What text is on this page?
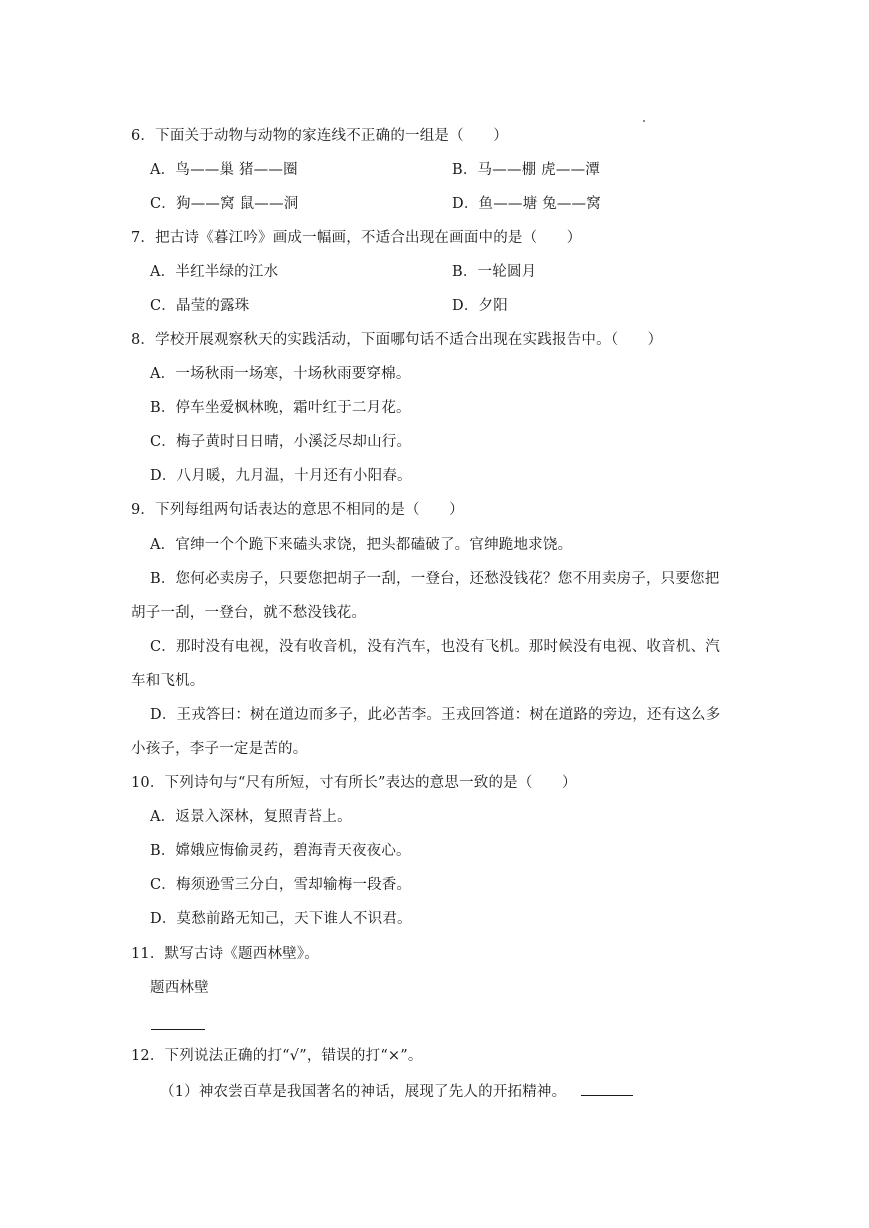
6．下面关于动物与动物的家连线不正确的一组是（　　）
A．鸟——巢 猪——圈	B．马——棚 虎——潭
C．狗——窝 鼠——洞	D．鱼——塘 兔——窝
7．把古诗《暮江吟》画成一幅画，不适合出现在画面中的是（　　）
A．半红半绿的江水	B．一轮圆月
C．晶莹的露珠	D．夕阳
8．学校开展观察秋天的实践活动，下面哪句话不适合出现在实践报告中。（　　）
A．一场秋雨一场寒，十场秋雨要穿棉。
B．停车坐爱枫林晚，霜叶红于二月花。
C．梅子黄时日日晴，小溪泛尽却山行。
D．八月暖，九月温，十月还有小阳春。
9．下列每组两句话表达的意思不相同的是（　　）
A．官绅一个个跪下来磕头求饶，把头都磕破了。官绅跪地求饶。
B．您何必卖房子，只要您把胡子一刮，一登台，还愁没钱花？您不用卖房子，只要您把
胡子一刮，一登台，就不愁没钱花。
C．那时没有电视，没有收音机，没有汽车，也没有飞机。那时候没有电视、收音机、汽
车和飞机。
D．王戎答曰：树在道边而多子，此必苦李。王戎回答道：树在道路的旁边，还有这么多
小孩子，李子一定是苦的。
10．下列诗句与“尺有所短，寸有所长”表达的意思一致的是（　　）
A．返景入深林，复照青苔上。
B．嫦娥应悔偷灵药，碧海青天夜夜心。
C．梅须逊雪三分白，雪却输梅一段香。
D．莫愁前路无知己，天下谁人不识君。
11．默写古诗《题西林壁》。
题西林壁
12．下列说法正确的打“√”，错误的打“×”。
（1）神农尝百草是我国著名的神话，展现了先人的开拓精神。
